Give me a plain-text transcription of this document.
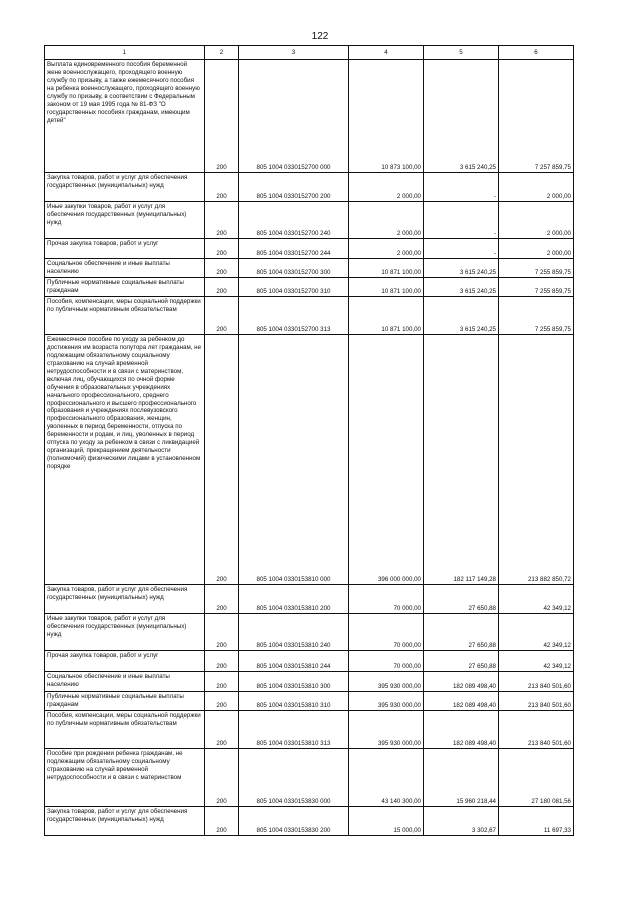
122
1	2	3	4	5	6

Выплата единовременного пособия беременной жене военнослужащего, проходящего военную службу по призыву, а также ежемесячного пособия на ребенка военнослужащего, проходящего военную службу по призыву, в соответствии с Федеральным законом от 19 мая 1995 года № 81-ФЗ "О государственных пособиях гражданам, имеющим детей"	200	805 1004 0330152700 000	10 873 100,00	3 615 240,25	7 257 859,75

Закупка товаров, работ и услуг для обеспечения государственных (муниципальных) нужд	200	805 1004 0330152700 200	2 000,00	-	2 000,00

Иные закупки товаров, работ и услуг для обеспечения государственных (муниципальных) нужд	200	805 1004 0330152700 240	2 000,00	-	2 000,00

Прочая закупка товаров, работ и услуг	200	805 1004 0330152700 244	2 000,00	-	2 000,00

Социальное обеспечение и иные выплаты населению	200	805 1004 0330152700 300	10 871 100,00	3 615 240,25	7 255 859,75

Публичные нормативные социальные выплаты гражданам	200	805 1004 0330152700 310	10 871 100,00	3 615 240,25	7 255 859,75

Пособия, компенсации, меры социальной поддержки по публичным нормативным обязательствам	200	805 1004 0330152700 313	10 871 100,00	3 615 240,25	7 255 859,75

Ежемесячное пособие по уходу за ребенком до достижения им возраста полутора лет гражданам, не подлежащим обязательному социальному страхованию на случай временной нетрудоспособности и в связи с материнством, включая лиц, обучающихся по очной форме обучения в образовательных учреждениях начального профессионального, среднего профессионального и высшего профессионального образования и учреждениях послевузовского профессионального образования, женщин, уволенных в период беременности, отпуска по беременности и родам, и лиц, уволенных в период отпуска по уходу за ребенком в связи с ликвидацией организаций, прекращением деятельности (полномочий) физическими лицами в установленном порядке	200	805 1004 0330153810 000	396 000 000,00	182 117 149,28	213 882 850,72

Закупка товаров, работ и услуг для обеспечения государственных (муниципальных) нужд	200	805 1004 0330153810 200	70 000,00	27 650,88	42 349,12

Иные закупки товаров, работ и услуг для обеспечения государственных (муниципальных) нужд	200	805 1004 0330153810 240	70 000,00	27 650,88	42 349,12

Прочая закупка товаров, работ и услуг	200	805 1004 0330153810 244	70 000,00	27 650,88	42 349,12

Социальное обеспечение и иные выплаты населению	200	805 1004 0330153810 300	395 930 000,00	182 089 498,40	213 840 501,60

Публичные нормативные социальные выплаты гражданам	200	805 1004 0330153810 310	395 930 000,00	182 089 498,40	213 840 501,60

Пособия, компенсации, меры социальной поддержки по публичным нормативным обязательствам	200	805 1004 0330153810 313	395 930 000,00	182 089 498,40	213 840 501,60

Пособие при рождении ребенка гражданам, не подлежащим обязательному социальному страхованию на случай временной нетрудоспособности и в связи с материнством	200	805 1004 0330153830 000	43 140 300,00	15 960 218,44	27 180 081,56

Закупка товаров, работ и услуг для обеспечения государственных (муниципальных) нужд	200	805 1004 0330153830 200	15 000,00	3 302,67	11 697,33
